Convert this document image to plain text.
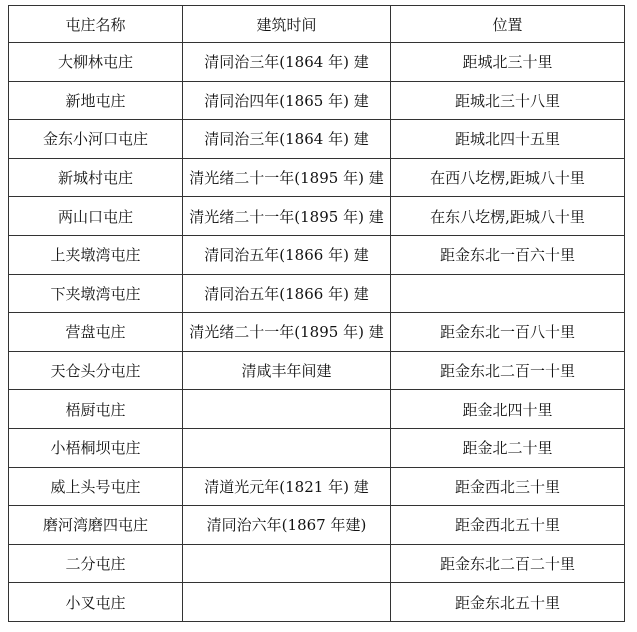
屯庄名称	建筑时间	位置
大柳林屯庄	清同治三年(1864 年) 建	距城北三十里
新地屯庄	清同治四年(1865 年) 建	距城北三十八里
金东小河口屯庄	清同治三年(1864 年) 建	距城北四十五里
新城村屯庄	清光绪二十一年(1895 年) 建	在西八圪楞,距城八十里
两山口屯庄	清光绪二十一年(1895 年) 建	在东八圪楞,距城八十里
上夹墩湾屯庄	清同治五年(1866 年) 建	距金东北一百六十里
下夹墩湾屯庄	清同治五年(1866 年) 建	
营盘屯庄	清光绪二十一年(1895 年) 建	距金东北一百八十里
天仓头分屯庄	清咸丰年间建	距金东北二百一十里
梧厨屯庄		距金北四十里
小梧桐坝屯庄		距金北二十里
威上头号屯庄	清道光元年(1821 年) 建	距金西北三十里
磨河湾磨四屯庄	清同治六年(1867 年建)	距金西北五十里
二分屯庄		距金东北二百二十里
小叉屯庄		距金东北五十里
